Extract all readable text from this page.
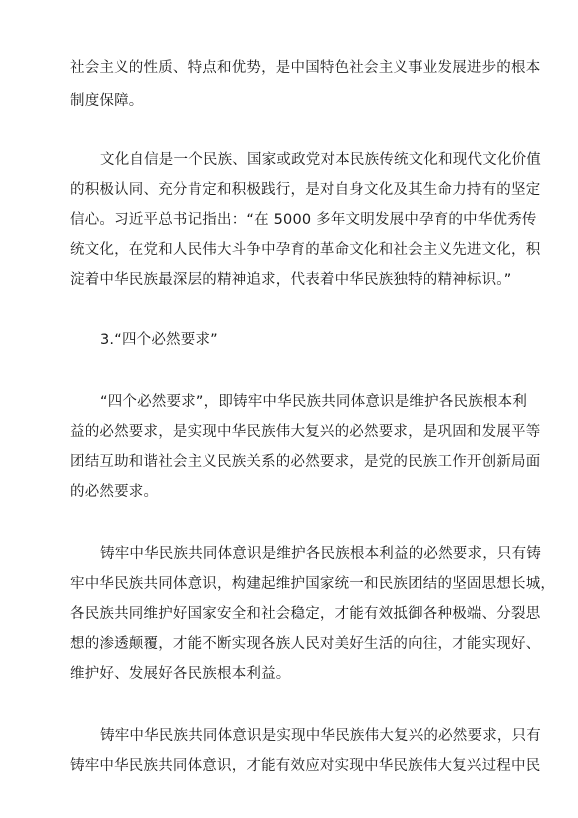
社会主义的性质、特点和优势，是中国特色社会主义事业发展进步的根本
制度保障。
文化自信是一个民族、国家或政党对本民族传统文化和现代文化价值
的积极认同、充分肯定和积极践行，是对自身文化及其生命力持有的坚定
信心。习近平总书记指出：“在 5000 多年文明发展中孕育的中华优秀传
统文化，在党和人民伟大斗争中孕育的革命文化和社会主义先进文化，积
淀着中华民族最深层的精神追求，代表着中华民族独特的精神标识。”
3.“四个必然要求”
“四个必然要求”，即铸牢中华民族共同体意识是维护各民族根本利
益的必然要求，是实现中华民族伟大复兴的必然要求，是巩固和发展平等
团结互助和谐社会主义民族关系的必然要求，是党的民族工作开创新局面
的必然要求。
铸牢中华民族共同体意识是维护各民族根本利益的必然要求，只有铸
牢中华民族共同体意识，构建起维护国家统一和民族团结的坚固思想长城，
各民族共同维护好国家安全和社会稳定，才能有效抵御各种极端、分裂思
想的渗透颠覆，才能不断实现各族人民对美好生活的向往，才能实现好、
维护好、发展好各民族根本利益。
铸牢中华民族共同体意识是实现中华民族伟大复兴的必然要求，只有
铸牢中华民族共同体意识，才能有效应对实现中华民族伟大复兴过程中民
